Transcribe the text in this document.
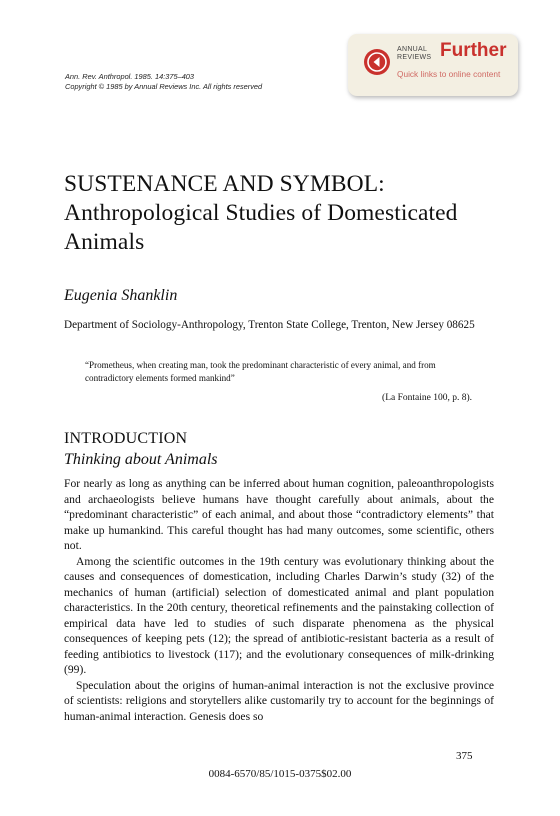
Ann. Rev. Anthropol. 1985. 14:375–403
Copyright © 1985 by Annual Reviews Inc. All rights reserved
ANNUAL
REVIEWS Further
Quick links to online content
SUSTENANCE AND SYMBOL:
Anthropological Studies of Domesticated
Animals
Eugenia Shanklin
Department of Sociology-Anthropology, Trenton State College, Trenton, New Jersey 08625
“Prometheus, when creating man, took the predominant characteristic of every animal, and from contradictory elements formed mankind”
(La Fontaine 100, p. 8).
INTRODUCTION
Thinking about Animals

For nearly as long as anything can be inferred about human cognition, paleoanthropologists and archaeologists believe humans have thought carefully about animals, about the “predominant characteristic” of each animal, and about those “contradictory elements” that make up humankind. This careful thought has had many outcomes, some scientific, others not.

Among the scientific outcomes in the 19th century was evolutionary thinking about the causes and consequences of domestication, including Charles Darwin’s study (32) of the mechanics of human (artificial) selection of domesticated animal and plant population characteristics. In the 20th century, theoretical refinements and the painstaking collection of empirical data have led to studies of such disparate phenomena as the physical consequences of keeping pets (12); the spread of antibiotic-resistant bacteria as a result of feeding antibiotics to livestock (117); and the evolutionary consequences of milk-drinking (99).

Speculation about the origins of human-animal interaction is not the exclusive province of scientists: religions and storytellers alike customarily try to account for the beginnings of human-animal interaction. Genesis does so

375
0084-6570/85/1015-0375$02.00
